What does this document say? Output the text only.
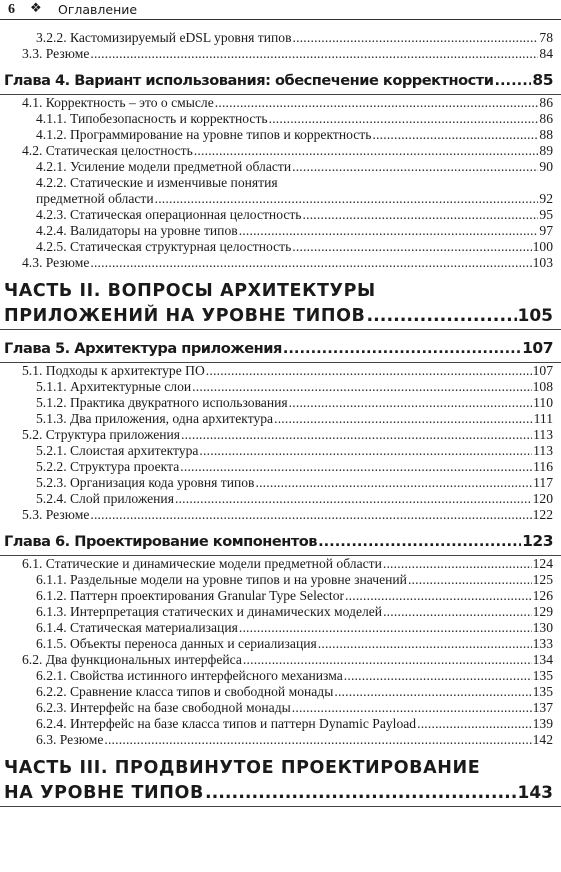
6 ❖ Оглавление
3.2.2. Кастомизируемый eDSL уровня типов .....	78
3.3. Резюме .....	84
Глава 4. Вариант использования: обеспечение корректности .....	85
4.1. Корректность – это о смысле .....	86
4.1.1. Типобезопасность и корректность .....	86
4.1.2. Программирование на уровне типов и корректность .....	88
4.2. Статическая целостность .....	89
4.2.1. Усиление модели предметной области .....	90
4.2.2. Статические и изменчивые понятия
предметной области .....	92
4.2.3. Статическая операционная целостность .....	95
4.2.4. Валидаторы на уровне типов .....	97
4.2.5. Статическая структурная целостность .....	100
4.3. Резюме .....	103
ЧАСТЬ II. ВОПРОСЫ АРХИТЕКТУРЫ
ПРИЛОЖЕНИЙ НА УРОВНЕ ТИПОВ .....	105
Глава 5. Архитектура приложения .....	107
5.1. Подходы к архитектуре ПО .....	107
5.1.1. Архитектурные слои .....	108
5.1.2. Практика двукратного использования .....	110
5.1.3. Два приложения, одна архитектура .....	111
5.2. Структура приложения .....	113
5.2.1. Слоистая архитектура .....	113
5.2.2. Структура проекта .....	116
5.2.3. Организация кода уровня типов .....	117
5.2.4. Слой приложения .....	120
5.3. Резюме .....	122
Глава 6. Проектирование компонентов .....	123
6.1. Статические и динамические модели предметной области .....	124
6.1.1. Раздельные модели на уровне типов и на уровне значений .....	125
6.1.2. Паттерн проектирования Granular Type Selector .....	126
6.1.3. Интерпретация статических и динамических моделей .....	129
6.1.4. Статическая материализация .....	130
6.1.5. Объекты переноса данных и сериализация .....	133
6.2. Два функциональных интерфейса .....	134
6.2.1. Свойства истинного интерфейсного механизма .....	135
6.2.2. Сравнение класса типов и свободной монады .....	135
6.2.3. Интерфейс на базе свободной монады .....	137
6.2.4. Интерфейс на базе класса типов и паттерн Dynamic Payload .....	139
6.3. Резюме .....	142
ЧАСТЬ III. ПРОДВИНУТОЕ ПРОЕКТИРОВАНИЕ
НА УРОВНЕ ТИПОВ .....	143
